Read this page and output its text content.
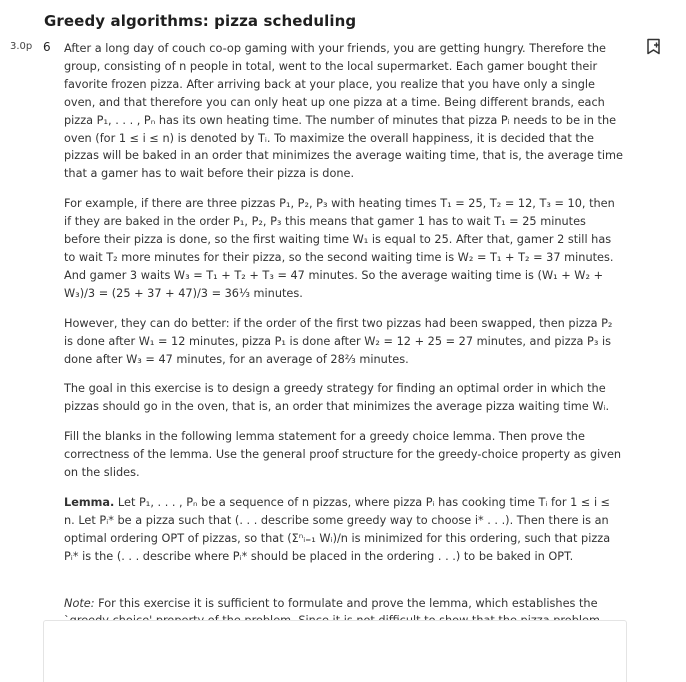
Greedy algorithms: pizza scheduling
3.0p 6 After a long day of couch co-op gaming with your friends, you are getting hungry. Therefore the group, consisting of n people in total, went to the local supermarket. Each gamer bought their favorite frozen pizza. After arriving back at your place, you realize that you have only a single oven, and that therefore you can only heat up one pizza at a time. Being different brands, each pizza P₁, . . . , Pₙ has its own heating time. The number of minutes that pizza Pᵢ needs to be in the oven (for 1 ≤ i ≤ n) is denoted by Tᵢ. To maximize the overall happiness, it is decided that the pizzas will be baked in an order that minimizes the average waiting time, that is, the average time that a gamer has to wait before their pizza is done.

For example, if there are three pizzas P₁, P₂, P₃ with heating times T₁ = 25, T₂ = 12, T₃ = 10, then if they are baked in the order P₁, P₂, P₃ this means that gamer 1 has to wait T₁ = 25 minutes before their pizza is done, so the first waiting time W₁ is equal to 25. After that, gamer 2 still has to wait T₂ more minutes for their pizza, so the second waiting time is W₂ = T₁ + T₂ = 37 minutes. And gamer 3 waits W₃ = T₁ + T₂ + T₃ = 47 minutes. So the average waiting time is (W₁ + W₂ + W₃)/3 = (25 + 37 + 47)/3 = 36⅓ minutes.

However, they can do better: if the order of the first two pizzas had been swapped, then pizza P₂ is done after W₁ = 12 minutes, pizza P₁ is done after W₂ = 12 + 25 = 27 minutes, and pizza P₃ is done after W₃ = 47 minutes, for an average of 28⅔ minutes.

The goal in this exercise is to design a greedy strategy for finding an optimal order in which the pizzas should go in the oven, that is, an order that minimizes the average pizza waiting time Wᵢ.

Fill the blanks in the following lemma statement for a greedy choice lemma. Then prove the correctness of the lemma. Use the general proof structure for the greedy-choice property as given on the slides.

Lemma. Let P₁, . . . , Pₙ be a sequence of n pizzas, where pizza Pᵢ has cooking time Tᵢ for 1 ≤ i ≤ n. Let Pᵢ* be a pizza such that (. . . describe some greedy way to choose i* . . .). Then there is an optimal ordering OPT of pizzas, so that (Σⁿᵢ₌₁ Wᵢ)/n is minimized for this ordering, such that pizza Pᵢ* is the (. . . describe where Pᵢ* should be placed in the ordering . . .) to be baked in OPT.

Note: For this exercise it is sufficient to formulate and prove the lemma, which establishes the
